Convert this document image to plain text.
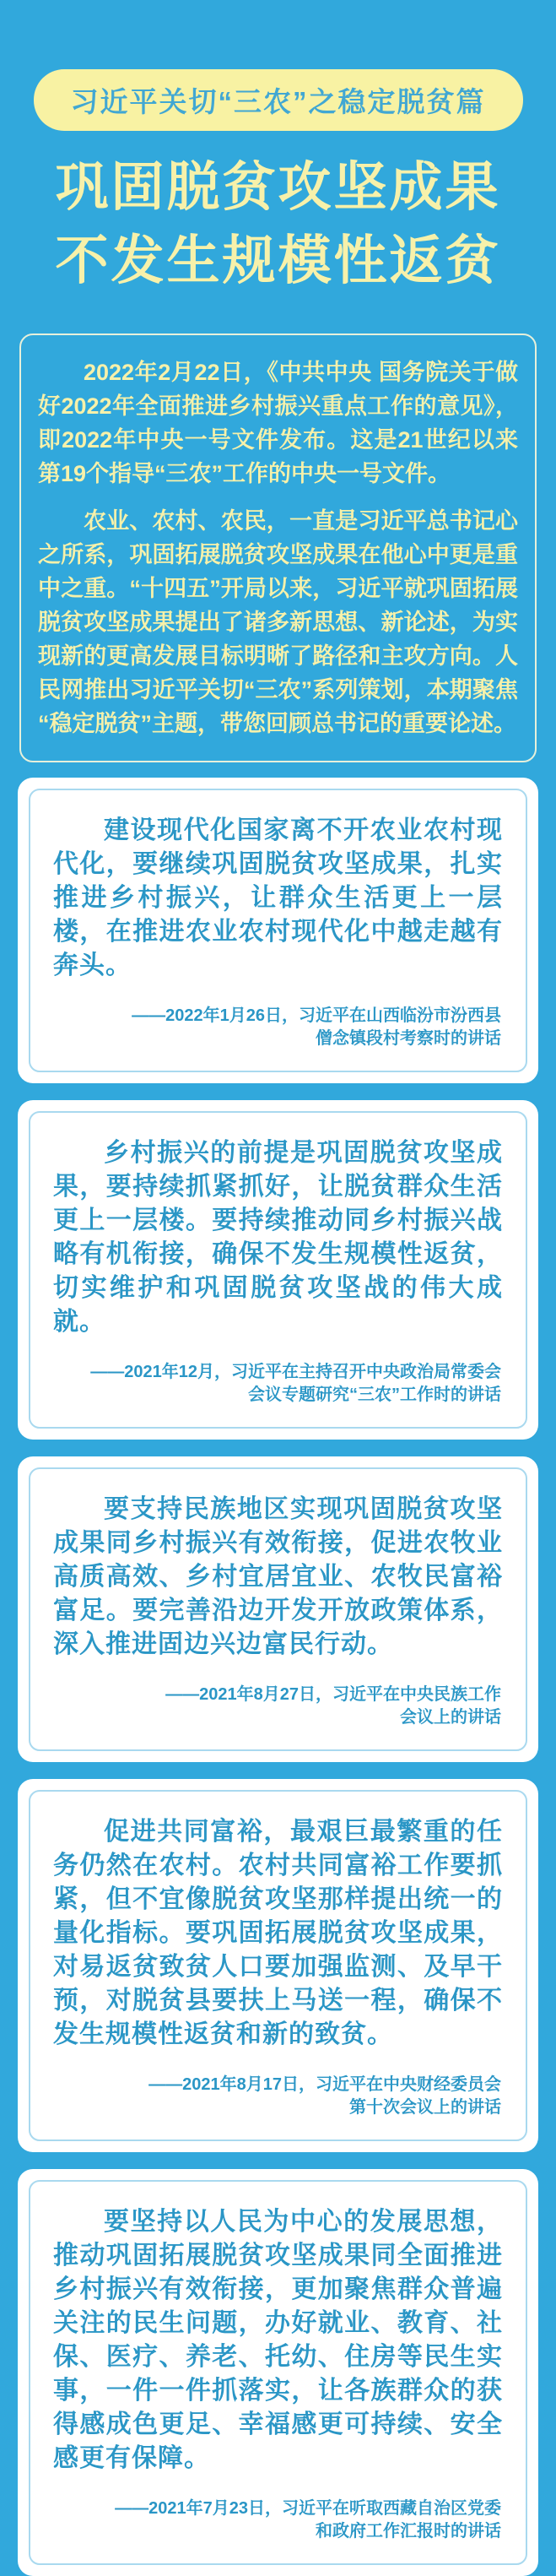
习近平关切“三农”之稳定脱贫篇
巩固脱贫攻坚成果
不发生规模性返贫

2022年2月22日，《中共中央 国务院关于做好2022年全面推进乡村振兴重点工作的意见》，即2022年中央一号文件发布。这是21世纪以来第19个指导“三农”工作的中央一号文件。

农业、农村、农民，一直是习近平总书记心之所系，巩固拓展脱贫攻坚成果在他心中更是重中之重。“十四五”开局以来，习近平就巩固拓展脱贫攻坚成果提出了诸多新思想、新论述，为实现新的更高发展目标明晰了路径和主攻方向。人民网推出习近平关切“三农”系列策划，本期聚焦“稳定脱贫”主题，带您回顾总书记的重要论述。

建设现代化国家离不开农业农村现代化，要继续巩固脱贫攻坚成果，扎实推进乡村振兴，让群众生活更上一层楼，在推进农业农村现代化中越走越有奔头。

——2022年1月26日，习近平在山西临汾市汾西县
僧念镇段村考察时的讲话

乡村振兴的前提是巩固脱贫攻坚成果，要持续抓紧抓好，让脱贫群众生活更上一层楼。要持续推动同乡村振兴战略有机衔接，确保不发生规模性返贫，切实维护和巩固脱贫攻坚战的伟大成就。

——2021年12月，习近平在主持召开中央政治局常委会
会议专题研究“三农”工作时的讲话

要支持民族地区实现巩固脱贫攻坚成果同乡村振兴有效衔接，促进农牧业高质高效、乡村宜居宜业、农牧民富裕富足。要完善沿边开发开放政策体系，深入推进固边兴边富民行动。

——2021年8月27日，习近平在中央民族工作
会议上的讲话

促进共同富裕，最艰巨最繁重的任务仍然在农村。农村共同富裕工作要抓紧，但不宜像脱贫攻坚那样提出统一的量化指标。要巩固拓展脱贫攻坚成果，对易返贫致贫人口要加强监测、及早干预，对脱贫县要扶上马送一程，确保不发生规模性返贫和新的致贫。

——2021年8月17日，习近平在中央财经委员会
第十次会议上的讲话

要坚持以人民为中心的发展思想，推动巩固拓展脱贫攻坚成果同全面推进乡村振兴有效衔接，更加聚焦群众普遍关注的民生问题，办好就业、教育、社保、医疗、养老、托幼、住房等民生实事，一件一件抓落实，让各族群众的获得感成色更足、幸福感更可持续、安全感更有保障。

——2021年7月23日，习近平在听取西藏自治区党委
和政府工作汇报时的讲话
